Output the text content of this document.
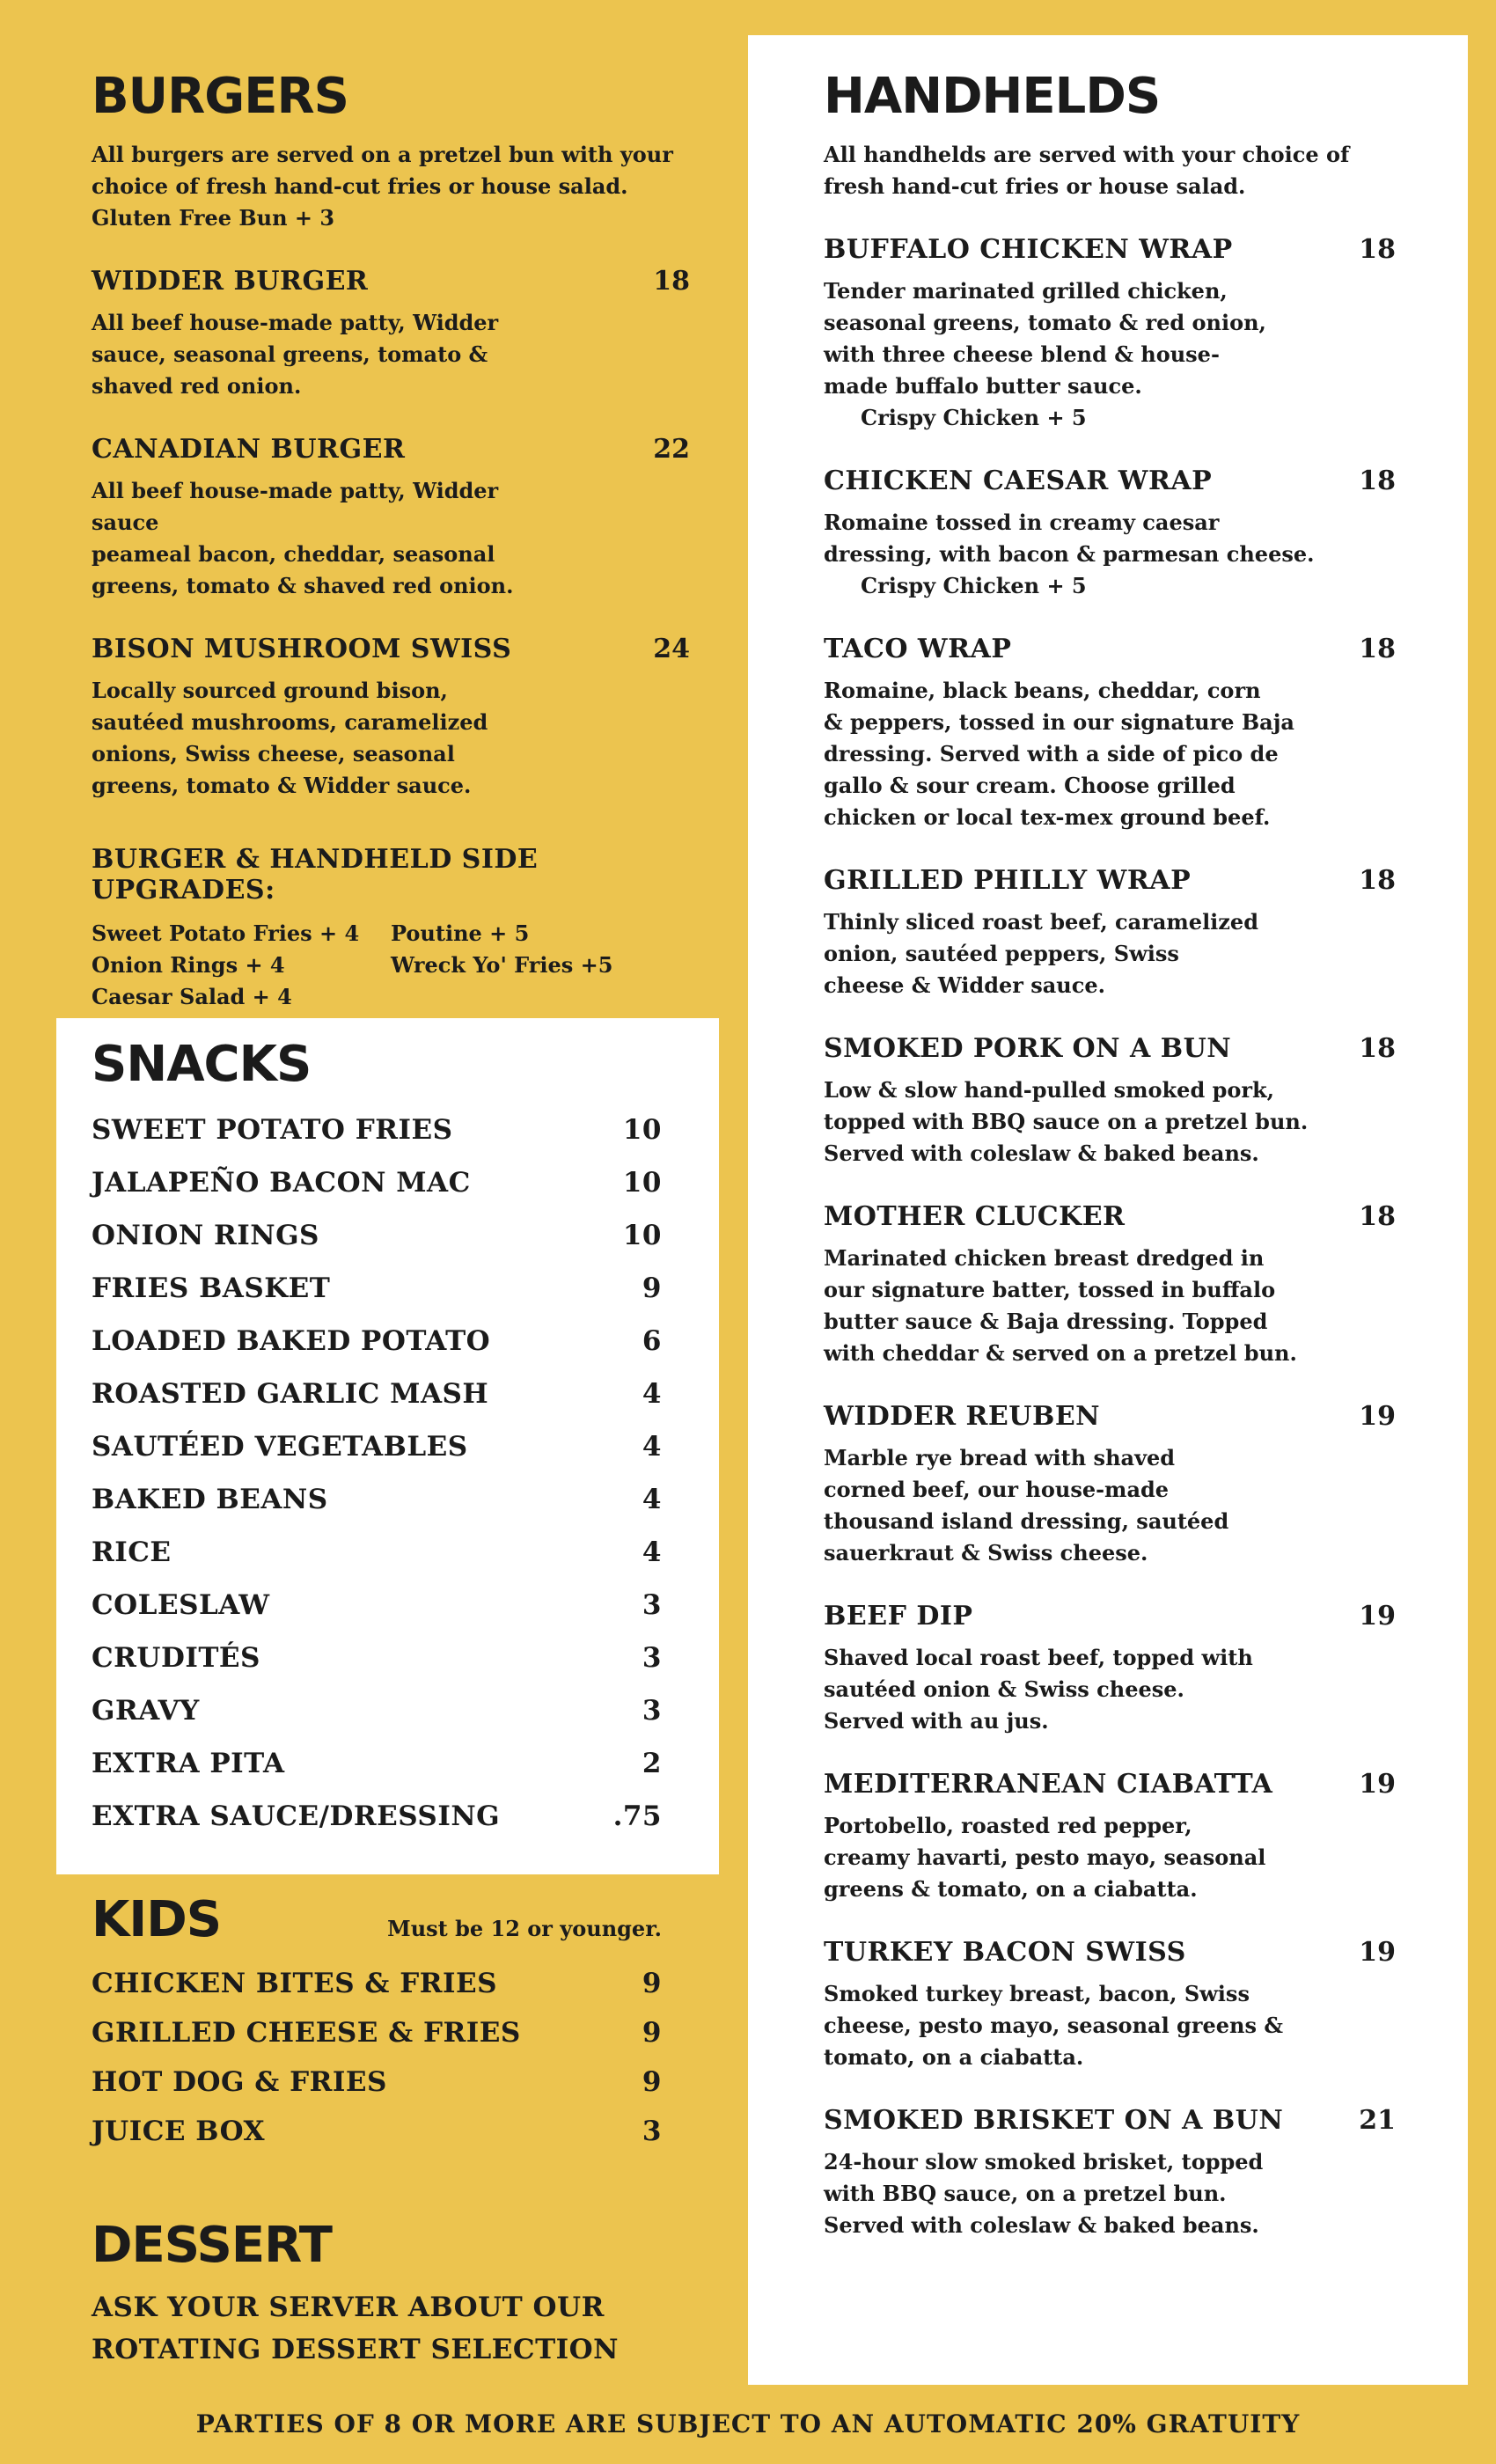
BURGERS
All burgers are served on a pretzel bun with your
choice of fresh hand-cut fries or house salad.
Gluten Free Bun + 3
WIDDER BURGER	18
All beef house-made patty, Widder
sauce, seasonal greens, tomato &
shaved red onion.
CANADIAN BURGER	22
All beef house-made patty, Widder sauce
peameal bacon, cheddar, seasonal
greens, tomato & shaved red onion.
BISON MUSHROOM SWISS	24
Locally sourced ground bison,
sautéed mushrooms, caramelized
onions, Swiss cheese, seasonal
greens, tomato & Widder sauce.
BURGER & HANDHELD SIDE UPGRADES:
Sweet Potato Fries + 4	Poutine + 5
Onion Rings + 4	Wreck Yo' Fries +5
Caesar Salad + 4
SNACKS
SWEET POTATO FRIES	10
JALAPEÑO BACON MAC	10
ONION RINGS	10
FRIES BASKET	9
LOADED BAKED POTATO	6
ROASTED GARLIC MASH	4
SAUTÉED VEGETABLES	4
BAKED BEANS	4
RICE	4
COLESLAW	3
CRUDITÉS	3
GRAVY	3
EXTRA PITA	2
EXTRA SAUCE/DRESSING	.75
KIDS	Must be 12 or younger.
CHICKEN BITES & FRIES	9
GRILLED CHEESE & FRIES	9
HOT DOG & FRIES	9
JUICE BOX	3
DESSERT
ASK YOUR SERVER ABOUT OUR
ROTATING DESSERT SELECTION
HANDHELDS
All handhelds are served with your choice of
fresh hand-cut fries or house salad.
BUFFALO CHICKEN WRAP	18
Tender marinated grilled chicken,
seasonal greens, tomato & red onion,
with three cheese blend & house-
made buffalo butter sauce.
Crispy Chicken + 5
CHICKEN CAESAR WRAP	18
Romaine tossed in creamy caesar
dressing, with bacon & parmesan cheese.
Crispy Chicken + 5
TACO WRAP	18
Romaine, black beans, cheddar, corn
& peppers, tossed in our signature Baja
dressing. Served with a side of pico de
gallo & sour cream. Choose grilled
chicken or local tex-mex ground beef.
GRILLED PHILLY WRAP	18
Thinly sliced roast beef, caramelized
onion, sautéed peppers, Swiss
cheese & Widder sauce.
SMOKED PORK ON A BUN	18
Low & slow hand-pulled smoked pork,
topped with BBQ sauce on a pretzel bun.
Served with coleslaw & baked beans.
MOTHER CLUCKER	18
Marinated chicken breast dredged in
our signature batter, tossed in buffalo
butter sauce & Baja dressing. Topped
with cheddar & served on a pretzel bun.
WIDDER REUBEN	19
Marble rye bread with shaved
corned beef, our house-made
thousand island dressing, sautéed
sauerkraut & Swiss cheese.
BEEF DIP	19
Shaved local roast beef, topped with
sautéed onion & Swiss cheese.
Served with au jus.
MEDITERRANEAN CIABATTA	19
Portobello, roasted red pepper,
creamy havarti, pesto mayo, seasonal
greens & tomato, on a ciabatta.
TURKEY BACON SWISS	19
Smoked turkey breast, bacon, Swiss
cheese, pesto mayo, seasonal greens &
tomato, on a ciabatta.
SMOKED BRISKET ON A BUN	21
24-hour slow smoked brisket, topped
with BBQ sauce, on a pretzel bun.
Served with coleslaw & baked beans.
PARTIES OF 8 OR MORE ARE SUBJECT TO AN AUTOMATIC 20% GRATUITY
